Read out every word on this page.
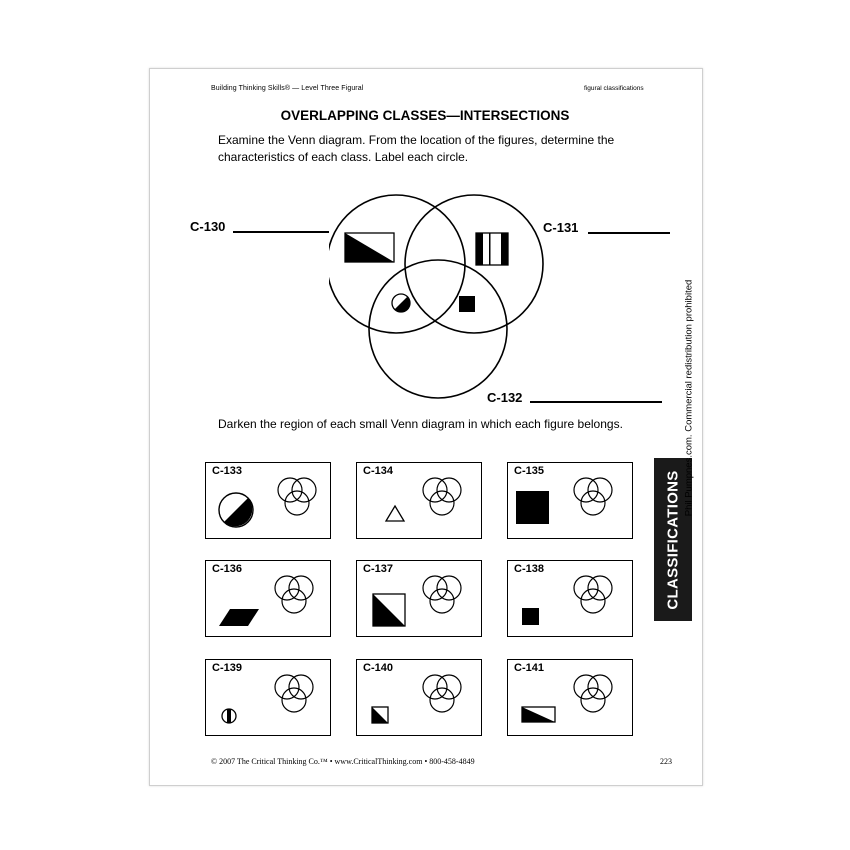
Building Thinking Skills® — Level Three Figural	figural classifications
OVERLAPPING CLASSES—INTERSECTIONS
Examine the Venn diagram. From the location of the figures, determine the characteristics of each class. Label each circle.
C-130	C-131
C-132
Darken the region of each small Venn diagram in which each figure belongs.
C-133	C-134	C-135
C-136	C-137	C-138
C-139	C-140	C-141
CLASSIFICATIONS
Phil Pumpnes.com. Commercial redistribution prohibited
© 2007 The Critical Thinking Co.™ • www.CriticalThinking.com • 800-458-4849	223
